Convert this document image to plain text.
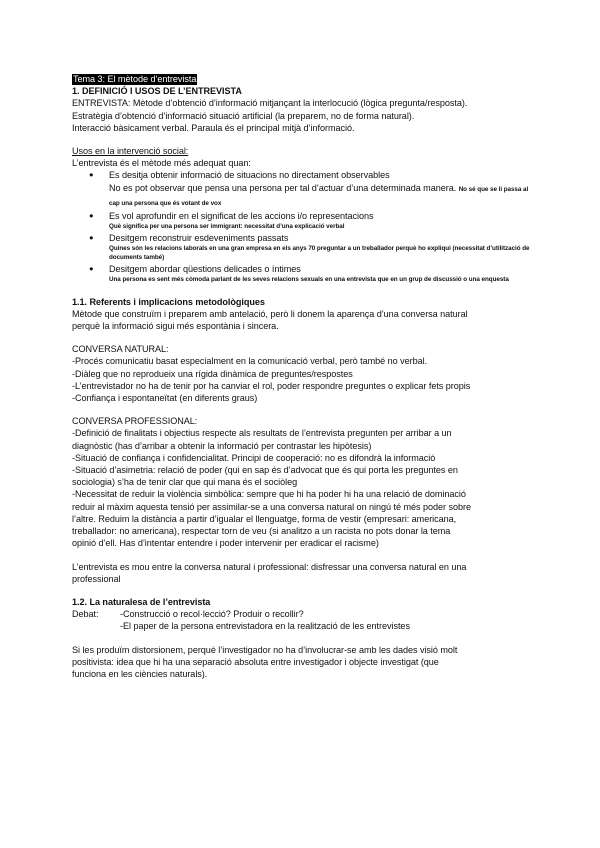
Tema 3: El mètode d’entrevista

1. DEFINICIÓ I USOS DE L’ENTREVISTA

ENTREVISTA: Mètode d’obtenció d’informació mitjançant la interlocució (lògica pregunta/resposta).

Estratègia d’obtenció d’informació situació artificial (la preparem, no de forma natural).

Interacció bàsicament verbal. Paraula és el principal mitjà d’informació.

Usos en la intervenció social:

L’entrevista és el mètode més adequat quan:

● Es desitja obtenir informació de situacions no directament observables

No es pot observar que pensa una persona per tal d’actuar d’una determinada manera. No sé que se li passa al cap una persona que és votant de vox

● Es vol aprofundir en el significat de les accions i/o representacions

Què significa per una persona ser immigrant: necessitat d’una explicació verbal

● Desitgem reconstruir esdeveniments passats

Quines són les relacions laborals en una gran empresa en els anys 70 preguntar a un treballador perquè ho expliqui (necessitat d’utilització de documents també)

● Desitgem abordar qüestions delicades o íntimes

Una persona es sent més còmoda parlant de les seves relacions sexuals en una entrevista que en un grup de discussió o una enquesta

1.1. Referents i implicacions metodològiques

Mètode que construïm i preparem amb antelació, però li donem la aparença d’una conversa natural

perquè la informació sigui més espontània i sincera.

CONVERSA NATURAL:

-Procés comunicatiu basat especialment en la comunicació verbal, però també no verbal.

-Diàleg que no reprodueix una rígida dinàmica de preguntes/respostes

-L’entrevistador no ha de tenir por ha canviar el rol, poder respondre preguntes o explicar fets propis

-Confiança i espontaneïtat (en diferents graus)

CONVERSA PROFESSIONAL:

-Definició de finalitats i objectius respecte als resultats de l’entrevista pregunten per arribar a un

diagnòstic (has d’arribar a obtenir la informació per contrastar les hipòtesis)

-Situació de confiança i confidencialitat. Principi de cooperació: no es difondrà la informació

-Situació d’asimetria: relació de poder (qui en sap és d’advocat que és qui porta les preguntes en

sociologia) s’ha de tenir clar que qui mana és el sociòleg

-Necessitat de reduir la violència simbòlica: sempre que hi ha poder hi ha una relació de dominació

reduir al màxim aquesta tensió per assimilar-se a una conversa natural on ningú té més poder sobre

l’altre. Reduim la distància a partir d’igualar el llenguatge, forma de vestir (empresari: americana,

treballador: no americana), respectar torn de veu (si analitzo a un racista no pots donar la tema

opinió d’ell. Has d’intentar entendre i poder intervenir per eradicar el racisme)

L’entrevista es mou entre la conversa natural i professional: disfressar una conversa natural en una

professional

1.2. La naturalesa de l’entrevista

Debat:	-Construcció o recol·lecció? Produir o recollir?

-El paper de la persona entrevistadora en la realització de les entrevistes

Si les produïm distorsionem, perquè l’investigador no ha d’involucrar-se amb les dades visió molt

positivista: idea que hi ha una separació absoluta entre investigador i objecte investigat (que

funciona en les ciències naturals).
